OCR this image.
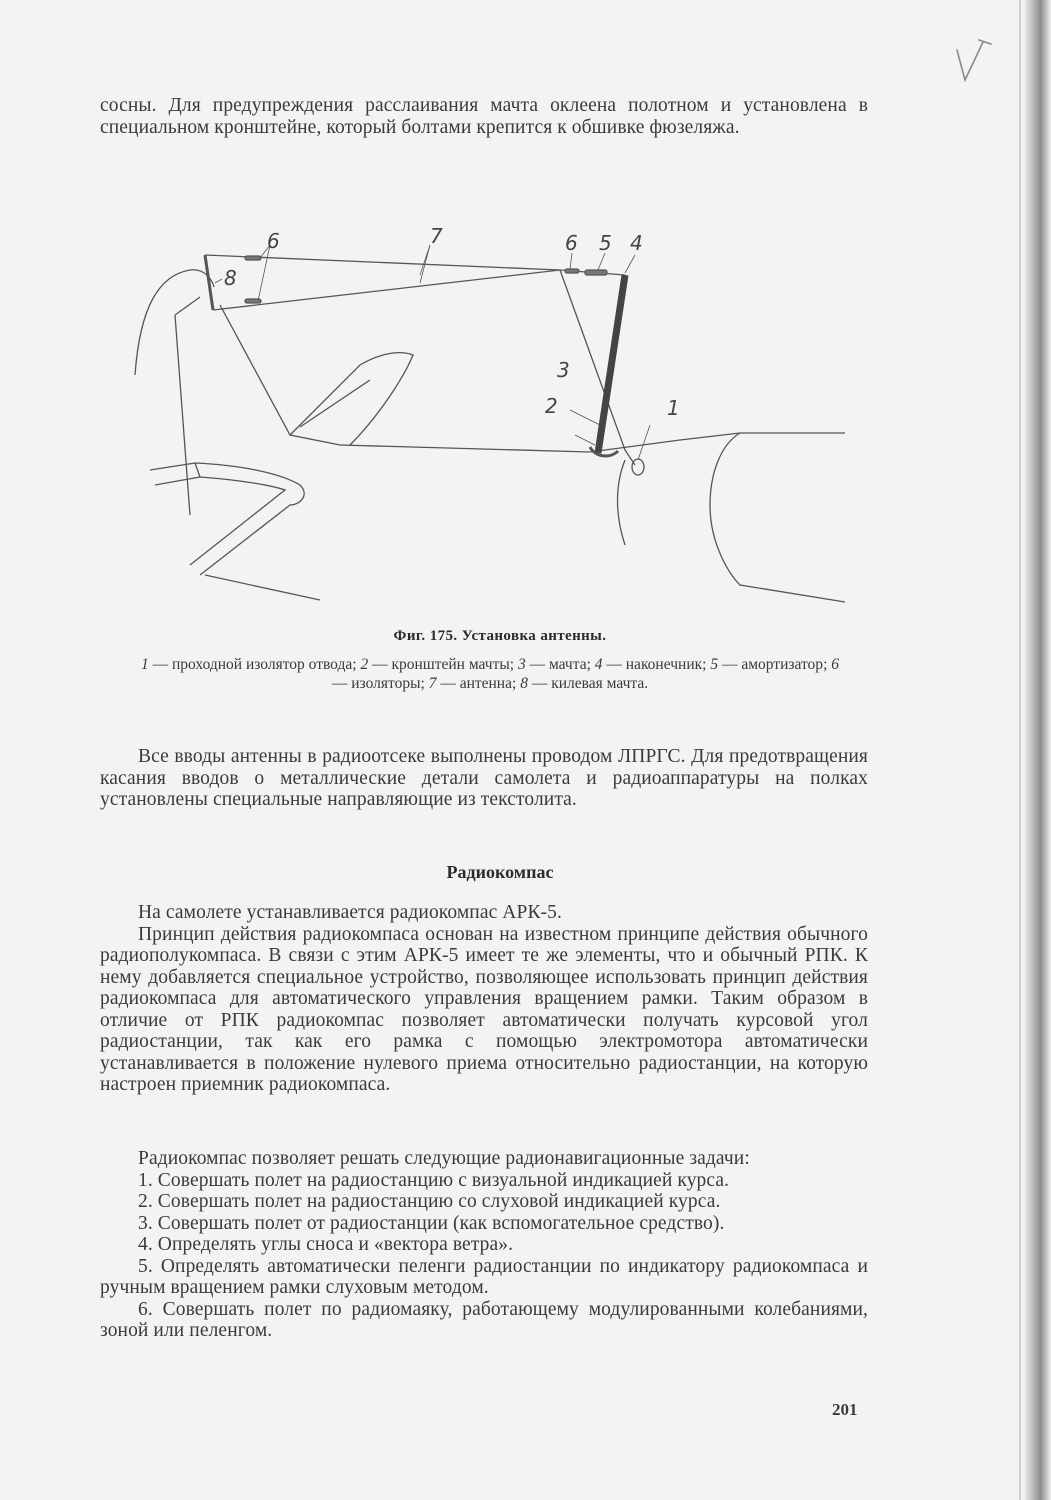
сосны. Для предупреждения расслаивания мачта оклеена полотном и установлена в специальном кронштейне, который болтами крепится к обшивке фюзеляжа.

6	7	6 5 4
8
3
2	1
Фиг. 175. Установка антенны.
1 — проходной изолятор отвода; 2 — кронштейн мачты; 3 — мачта; 4 — наконечник; 5 — амортизатор; 6 — изоляторы; 7 — антенна; 8 — килевая мачта.

Все вводы антенны в радиоотсеке выполнены проводом ЛПРГС. Для предотвращения касания вводов о металлические детали самолета и радиоаппаратуры на полках установлены специальные направляющие из текстолита.

Радиокомпас

На самолете устанавливается радиокомпас АРК-5.

Принцип действия радиокомпаса основан на известном принципе действия обычного радиополукомпаса. В связи с этим АРК-5 имеет те же элементы, что и обычный РПК. К нему добавляется специальное устройство, позволяющее использовать принцип действия радиокомпаса для автоматического управления вращением рамки. Таким образом в отличие от РПК радиокомпас позволяет автоматически получать курсовой угол радиостанции, так как его рамка с помощью электромотора автоматически устанавливается в положение нулевого приема относительно радиостанции, на которую настроен приемник радиокомпаса.

Радиокомпас позволяет решать следующие радионавигационные задачи:

1. Совершать полет на радиостанцию с визуальной индикацией курса.

2. Совершать полет на радиостанцию со слуховой индикацией курса.

3. Совершать полет от радиостанции (как вспомогательное средство).

4. Определять углы сноса и «вектора ветра».

5. Определять автоматически пеленги радиостанции по индикатору радиокомпаса и ручным вращением рамки слуховым методом.

6. Совершать полет по радиомаяку, работающему модулированными колебаниями, зоной или пеленгом.

201
